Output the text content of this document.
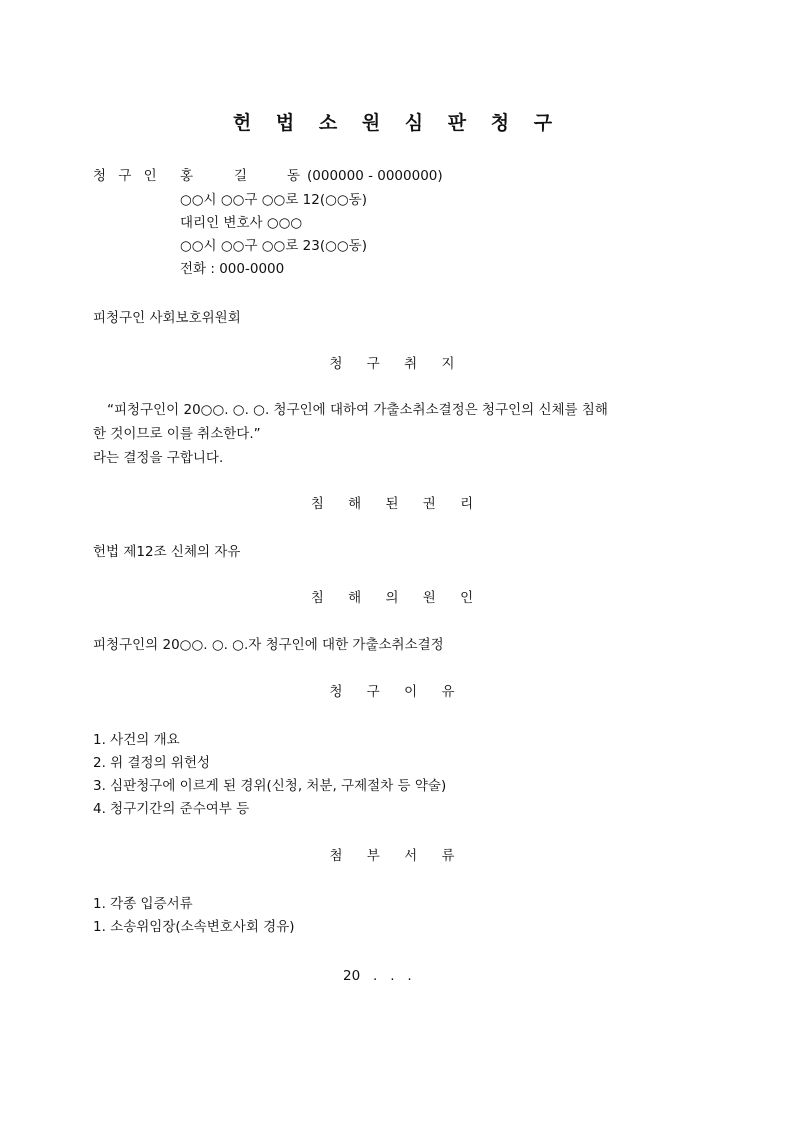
헌 법 소 원 심 판 청 구
청 구 인 홍	길	동 (000000 - 0000000)
○○시 ○○구 ○○로 12(○○동)
대리인 변호사 ○○○
○○시 ○○구 ○○로 23(○○동)
전화 : 000-0000
피청구인 사회보호위원회
청 구 취 지
“피청구인이 20○○. ○. ○. 청구인에 대하여 가출소취소결정은 청구인의 신체를 침해
한 것이므로 이를 취소한다.”
라는 결정을 구합니다.
침 해 된 권 리
헌법 제12조 신체의 자유
침 해 의 원 인
피청구인의 20○○. ○. ○.자 청구인에 대한 가출소취소결정
청 구 이 유
1. 사건의 개요
2. 위 결정의 위헌성
3. 심판청구에 이르게 된 경위(신청, 처분, 구제절차 등 약술)
4. 청구기간의 준수여부 등
첨 부 서 류
1. 각종 입증서류
1. 소송위임장(소속변호사회 경유)
20   .   .   .
